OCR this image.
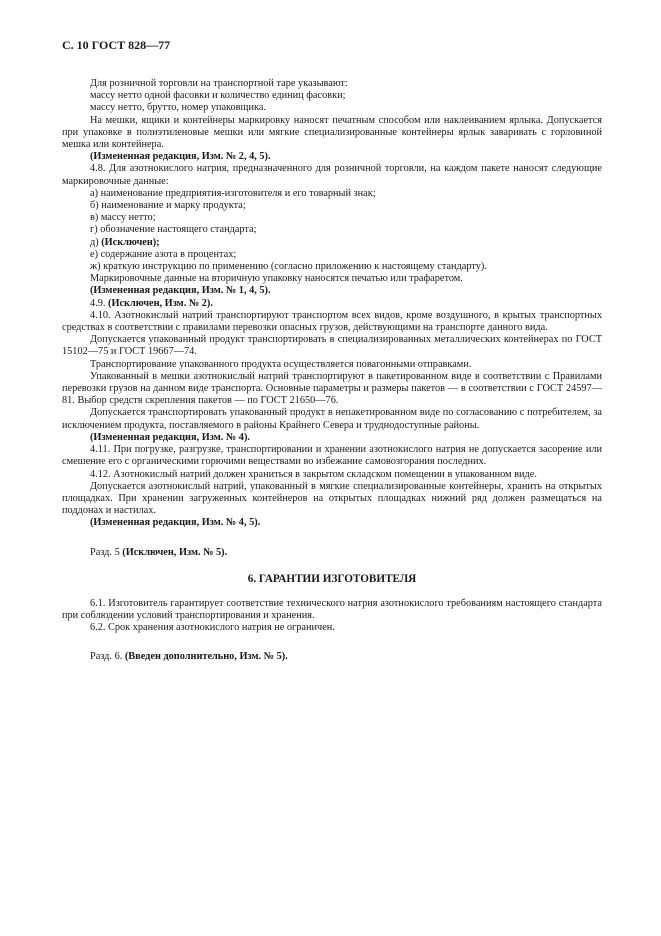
С. 10 ГОСТ 828—77
Для розничной торговли на транспортной таре указывают:
массу нетто одной фасовки и количество единиц фасовки;
массу нетто, брутто, номер упаковщика.
На мешки, ящики и контейнеры маркировку наносят печатным способом или наклеиванием ярлыка. Допускается при упаковке в полиэтиленовые мешки или мягкие специализированные контейнеры ярлык заваривать с горловиной мешка или контейнера.
(Измененная редакция, Изм. № 2, 4, 5).
4.8. Для азотнокислого натрия, предназначенного для розничной торговли, на каждом пакете наносят следующие маркировочные данные:
а) наименование предприятия-изготовителя и его товарный знак;
б) наименование и марку продукта;
в) массу нетто;
г) обозначение настоящего стандарта;
д) (Исключен);
е) содержание азота в процентах;
ж) краткую инструкцию по применению (согласно приложению к настоящему стандарту).
Маркировочные данные на вторичную упаковку наносятся печатью или трафаретом.
(Измененная редакция, Изм. № 1, 4, 5).
4.9. (Исключен, Изм. № 2).
4.10. Азотнокислый натрий транспортируют транспортом всех видов, кроме воздушного, в крытых транспортных средствах в соответствии с правилами перевозки опасных грузов, действующими на транспорте данного вида.
Допускается упакованный продукт транспортировать в специализированных металлических контейнерах по ГОСТ 15102—75 и ГОСТ 19667—74.
Транспортирование упакованного продукта осуществляется повагонными отправками.
Упакованный в мешки азотнокислый натрий транспортируют в пакетированном виде в соответствии с Правилами перевозки грузов на данном виде транспорта. Основные параметры и размеры пакетов — в соответствии с ГОСТ 24597—81. Выбор средств скрепления пакетов — по ГОСТ 21650—76.
Допускается транспортировать упакованный продукт в непакетированном виде по согласованию с потребителем, за исключением продукта, поставляемого в районы Крайнего Севера и труднодоступные районы.
(Измененная редакция, Изм. № 4).
4.11. При погрузке, разгрузке, транспортировании и хранении азотнокислого натрия не допускается засорение или смешение его с органическими горючими веществами во избежание самовозгорания последних.
4.12. Азотнокислый натрий должен храниться в закрытом складском помещении в упакованном виде.
Допускается азотнокислый натрий, упакованный в мягкие специализированные контейнеры, хранить на открытых площадках. При хранении загруженных контейнеров на открытых площадках нижний ряд должен размещаться на поддонах и настилах.
(Измененная редакция, Изм. № 4, 5).
Разд. 5 (Исключен, Изм. № 5).
6. ГАРАНТИИ ИЗГОТОВИТЕЛЯ
6.1. Изготовитель гарантирует соответствие технического натрия азотнокислого требованиям настоящего стандарта при соблюдении условий транспортирования и хранения.
6.2. Срок хранения азотнокислого натрия не ограничен.
Разд. 6. (Введен дополнительно, Изм. № 5).
